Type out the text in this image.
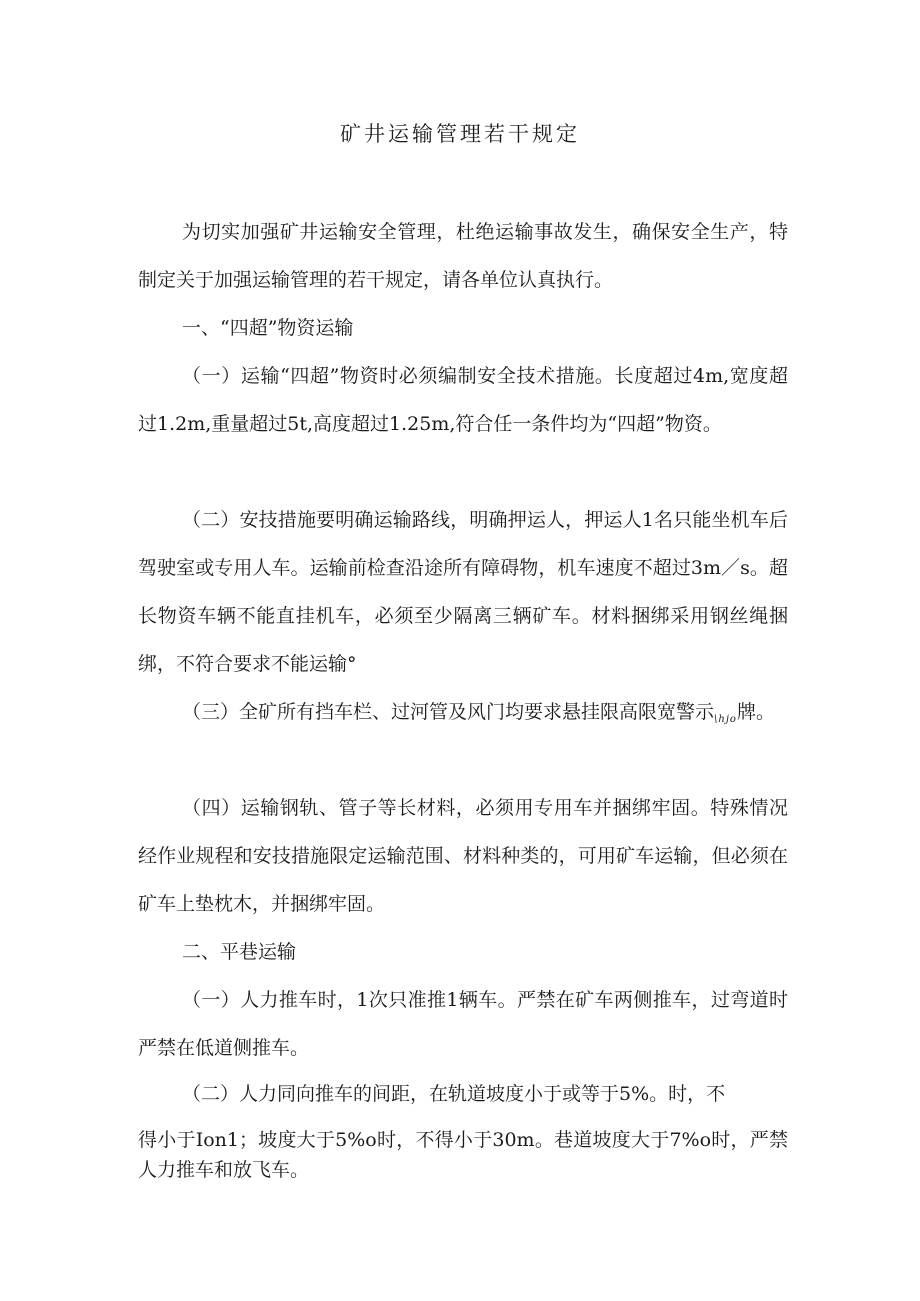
矿井运输管理若干规定

为切实加强矿井运输安全管理，杜绝运输事故发生，确保安全生产，特制定关于加强运输管理的若干规定，请各单位认真执行。

一、“四超”物资运输

（一）运输“四超”物资时必须编制安全技术措施。长度超过4m,宽度超过1.2m,重量超过5t,高度超过1.25m,符合任一条件均为“四超”物资。

（二）安技措施要明确运输路线，明确押运人，押运人1名只能坐机车后驾驶室或专用人车。运输前检查沿途所有障碍物，机车速度不超过3m／s。超长物资车辆不能直挂机车，必须至少隔离三辆矿车。材料捆绑采用钢丝绳捆绑，不符合要求不能运输°

（三）全矿所有挡车栏、过河管及风门均要求悬挂限高限宽警示$_{\backslash hjo}$牌。

（四）运输钢轨、管子等长材料，必须用专用车并捆绑牢固。特殊情况经作业规程和安技措施限定运输范围、材料种类的，可用矿车运输，但必须在矿车上垫枕木，并捆绑牢固。

二、平巷运输

（一）人力推车时，1次只准推1辆车。严禁在矿车两侧推车，过弯道时严禁在低道侧推车。

（二）人力同向推车的间距，在轨道坡度小于或等于5%。时，不

得小于Ion1；坡度大于5%o时，不得小于30m。巷道坡度大于7%o时，严禁人力推车和放飞车。
